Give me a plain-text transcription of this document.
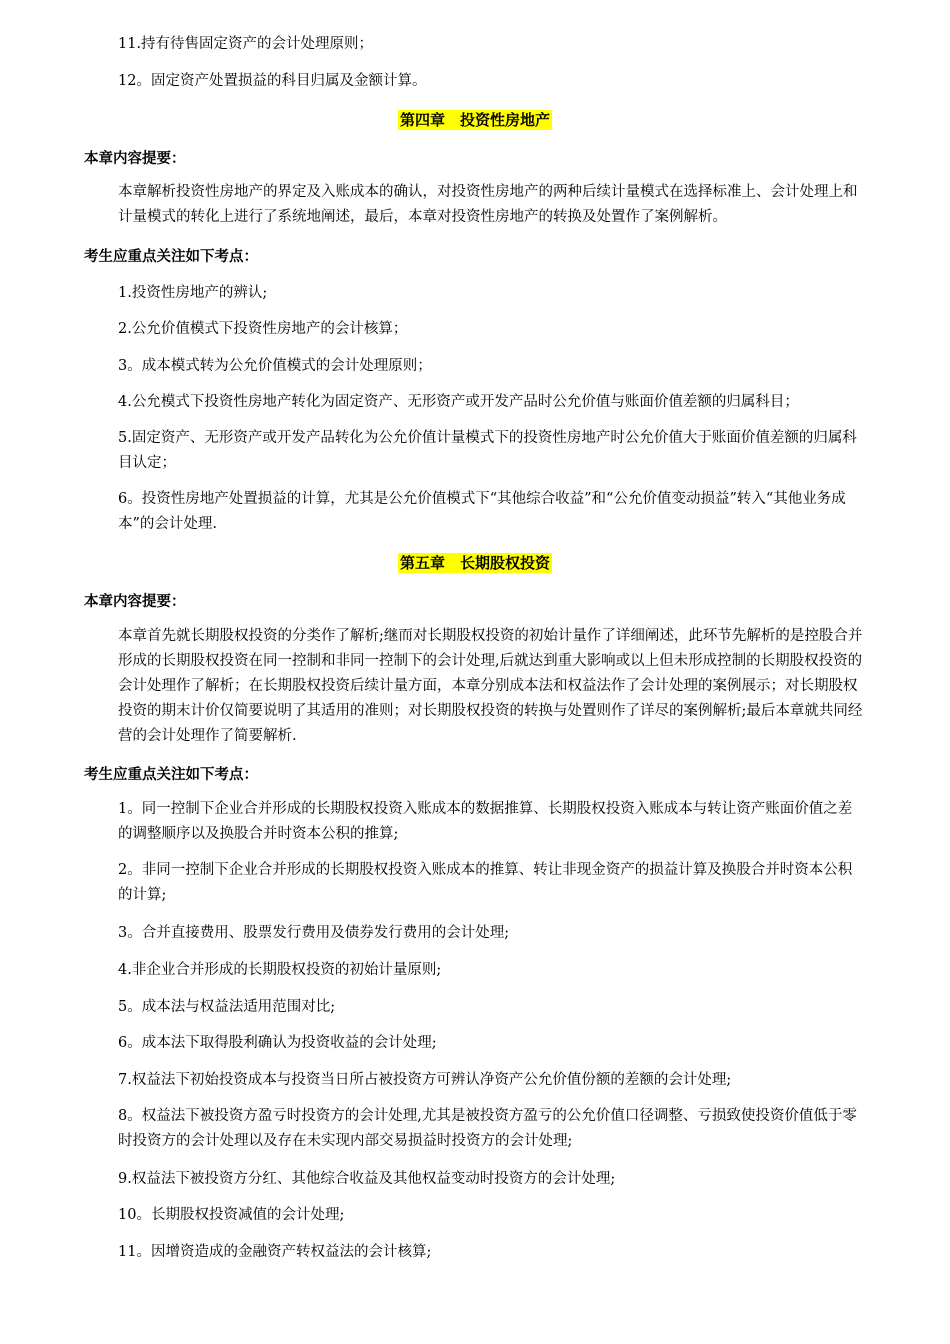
11.持有待售固定资产的会计处理原则；
12。固定资产处置损益的科目归属及金额计算。
第四章　投资性房地产
本章内容提要：
本章解析投资性房地产的界定及入账成本的确认，对投资性房地产的两种后续计量模式在选择标准上、会计处理上和计量模式的转化上进行了系统地阐述，最后，本章对投资性房地产的转换及处置作了案例解析。
考生应重点关注如下考点：
1.投资性房地产的辨认;
2.公允价值模式下投资性房地产的会计核算；
3。成本模式转为公允价值模式的会计处理原则；
4.公允模式下投资性房地产转化为固定资产、无形资产或开发产品时公允价值与账面价值差额的归属科目；
5.固定资产、无形资产或开发产品转化为公允价值计量模式下的投资性房地产时公允价值大于账面价值差额的归属科目认定；
6。投资性房地产处置损益的计算，尤其是公允价值模式下“其他综合收益”和“公允价值变动损益”转入“其他业务成本”的会计处理.
第五章　长期股权投资
本章内容提要：
本章首先就长期股权投资的分类作了解析;继而对长期股权投资的初始计量作了详细阐述，此环节先解析的是控股合并形成的长期股权投资在同一控制和非同一控制下的会计处理,后就达到重大影响或以上但未形成控制的长期股权投资的会计处理作了解析；在长期股权投资后续计量方面，本章分别成本法和权益法作了会计处理的案例展示；对长期股权投资的期末计价仅简要说明了其适用的准则；对长期股权投资的转换与处置则作了详尽的案例解析;最后本章就共同经营的会计处理作了简要解析.
考生应重点关注如下考点：
1。同一控制下企业合并形成的长期股权投资入账成本的数据推算、长期股权投资入账成本与转让资产账面价值之差的调整顺序以及换股合并时资本公积的推算;
2。非同一控制下企业合并形成的长期股权投资入账成本的推算、转让非现金资产的损益计算及换股合并时资本公积的计算;
3。合并直接费用、股票发行费用及债券发行费用的会计处理;
4.非企业合并形成的长期股权投资的初始计量原则;
5。成本法与权益法适用范围对比;
6。成本法下取得股利确认为投资收益的会计处理;
7.权益法下初始投资成本与投资当日所占被投资方可辨认净资产公允价值份额的差额的会计处理;
8。权益法下被投资方盈亏时投资方的会计处理,尤其是被投资方盈亏的公允价值口径调整、亏损致使投资价值低于零时投资方的会计处理以及存在未实现内部交易损益时投资方的会计处理;
9.权益法下被投资方分红、其他综合收益及其他权益变动时投资方的会计处理;
10。长期股权投资减值的会计处理;
11。因增资造成的金融资产转权益法的会计核算;
